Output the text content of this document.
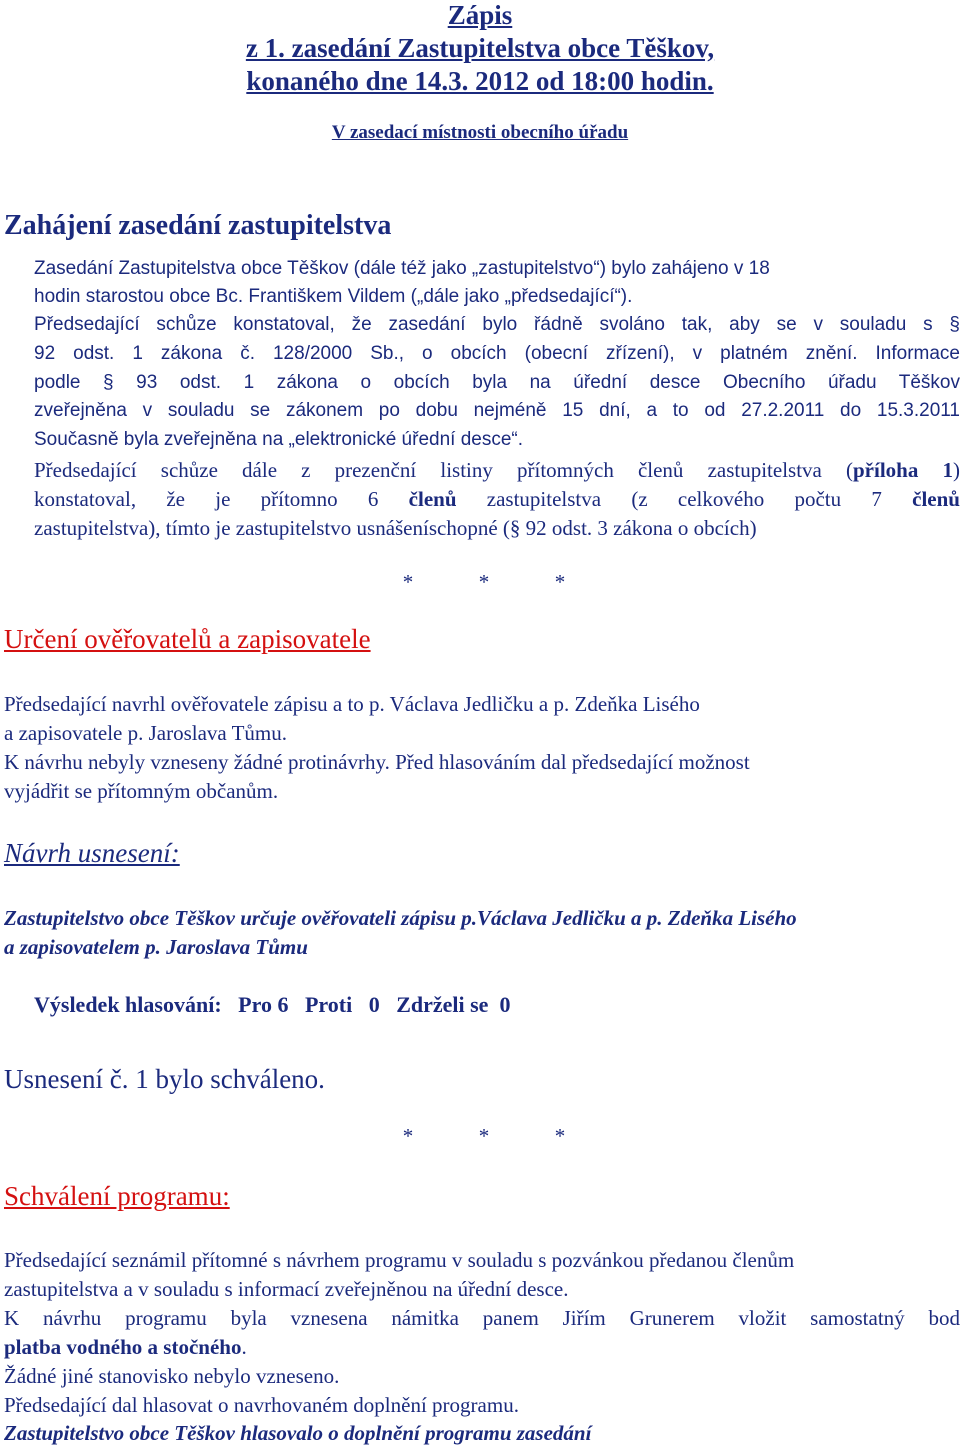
Zápis
z 1. zasedání Zastupitelstva obce Těškov,
konaného dne 14.3. 2012 od 18:00 hodin.
V zasedací místnosti obecního úřadu
Zahájení zasedání zastupitelstva
Zasedání Zastupitelstva obce Těškov (dále též jako „zastupitelstvo“) bylo zahájeno v 18
hodin starostou obce Bc. Františkem Vildem („dále jako „předsedající“).
Předsedající schůze konstatoval, že zasedání bylo řádně svoláno tak, aby se v souladu s §
92 odst. 1 zákona č. 128/2000 Sb., o obcích (obecní zřízení), v platném znění. Informace
podle § 93 odst. 1 zákona o obcích byla na úřední desce Obecního úřadu Těškov
zveřejněna v souladu se zákonem po dobu nejméně 15 dní, a to od 27.2.2011 do 15.3.2011
Současně byla zveřejněna na „elektronické úřední desce“.
Předsedající schůze dále z prezenční listiny přítomných členů zastupitelstva (příloha 1)
konstatoval, že je přítomno 6 členů zastupitelstva (z celkového počtu 7 členů
zastupitelstva), tímto je zastupitelstvo usnášeníschopné (§ 92 odst. 3 zákona o obcích)
*	*	*
Určení ověřovatelů a zapisovatele
Předsedající navrhl ověřovatele zápisu a to p. Václava Jedličku a p. Zdeňka Lisého
a zapisovatele p. Jaroslava Tůmu.
K návrhu nebyly vzneseny žádné protinávrhy. Před hlasováním dal předsedající možnost
vyjádřit se přítomným občanům.
Návrh usnesení:
Zastupitelstvo obce Těškov určuje ověřovateli zápisu p.Václava Jedličku a p. Zdeňka Lisého
a zapisovatelem p. Jaroslava Tůmu
Výsledek hlasování:   Pro 6   Proti   0   Zdrželi se  0
Usnesení č. 1 bylo schváleno.
*	*	*
Schválení programu:
Předsedající seznámil přítomné s návrhem programu v souladu s pozvánkou předanou členům
zastupitelstva a v souladu s informací zveřejněnou na úřední desce.
K návrhu programu byla vznesena námitka panem Jiřím Grunerem vložit samostatný bod
platba vodného a stočného.
Žádné jiné stanovisko nebylo vzneseno.
Předsedající dal hlasovat o navrhovaném doplnění programu.
Zastupitelstvo obce Těškov hlasovalo o doplnění programu zasedání
